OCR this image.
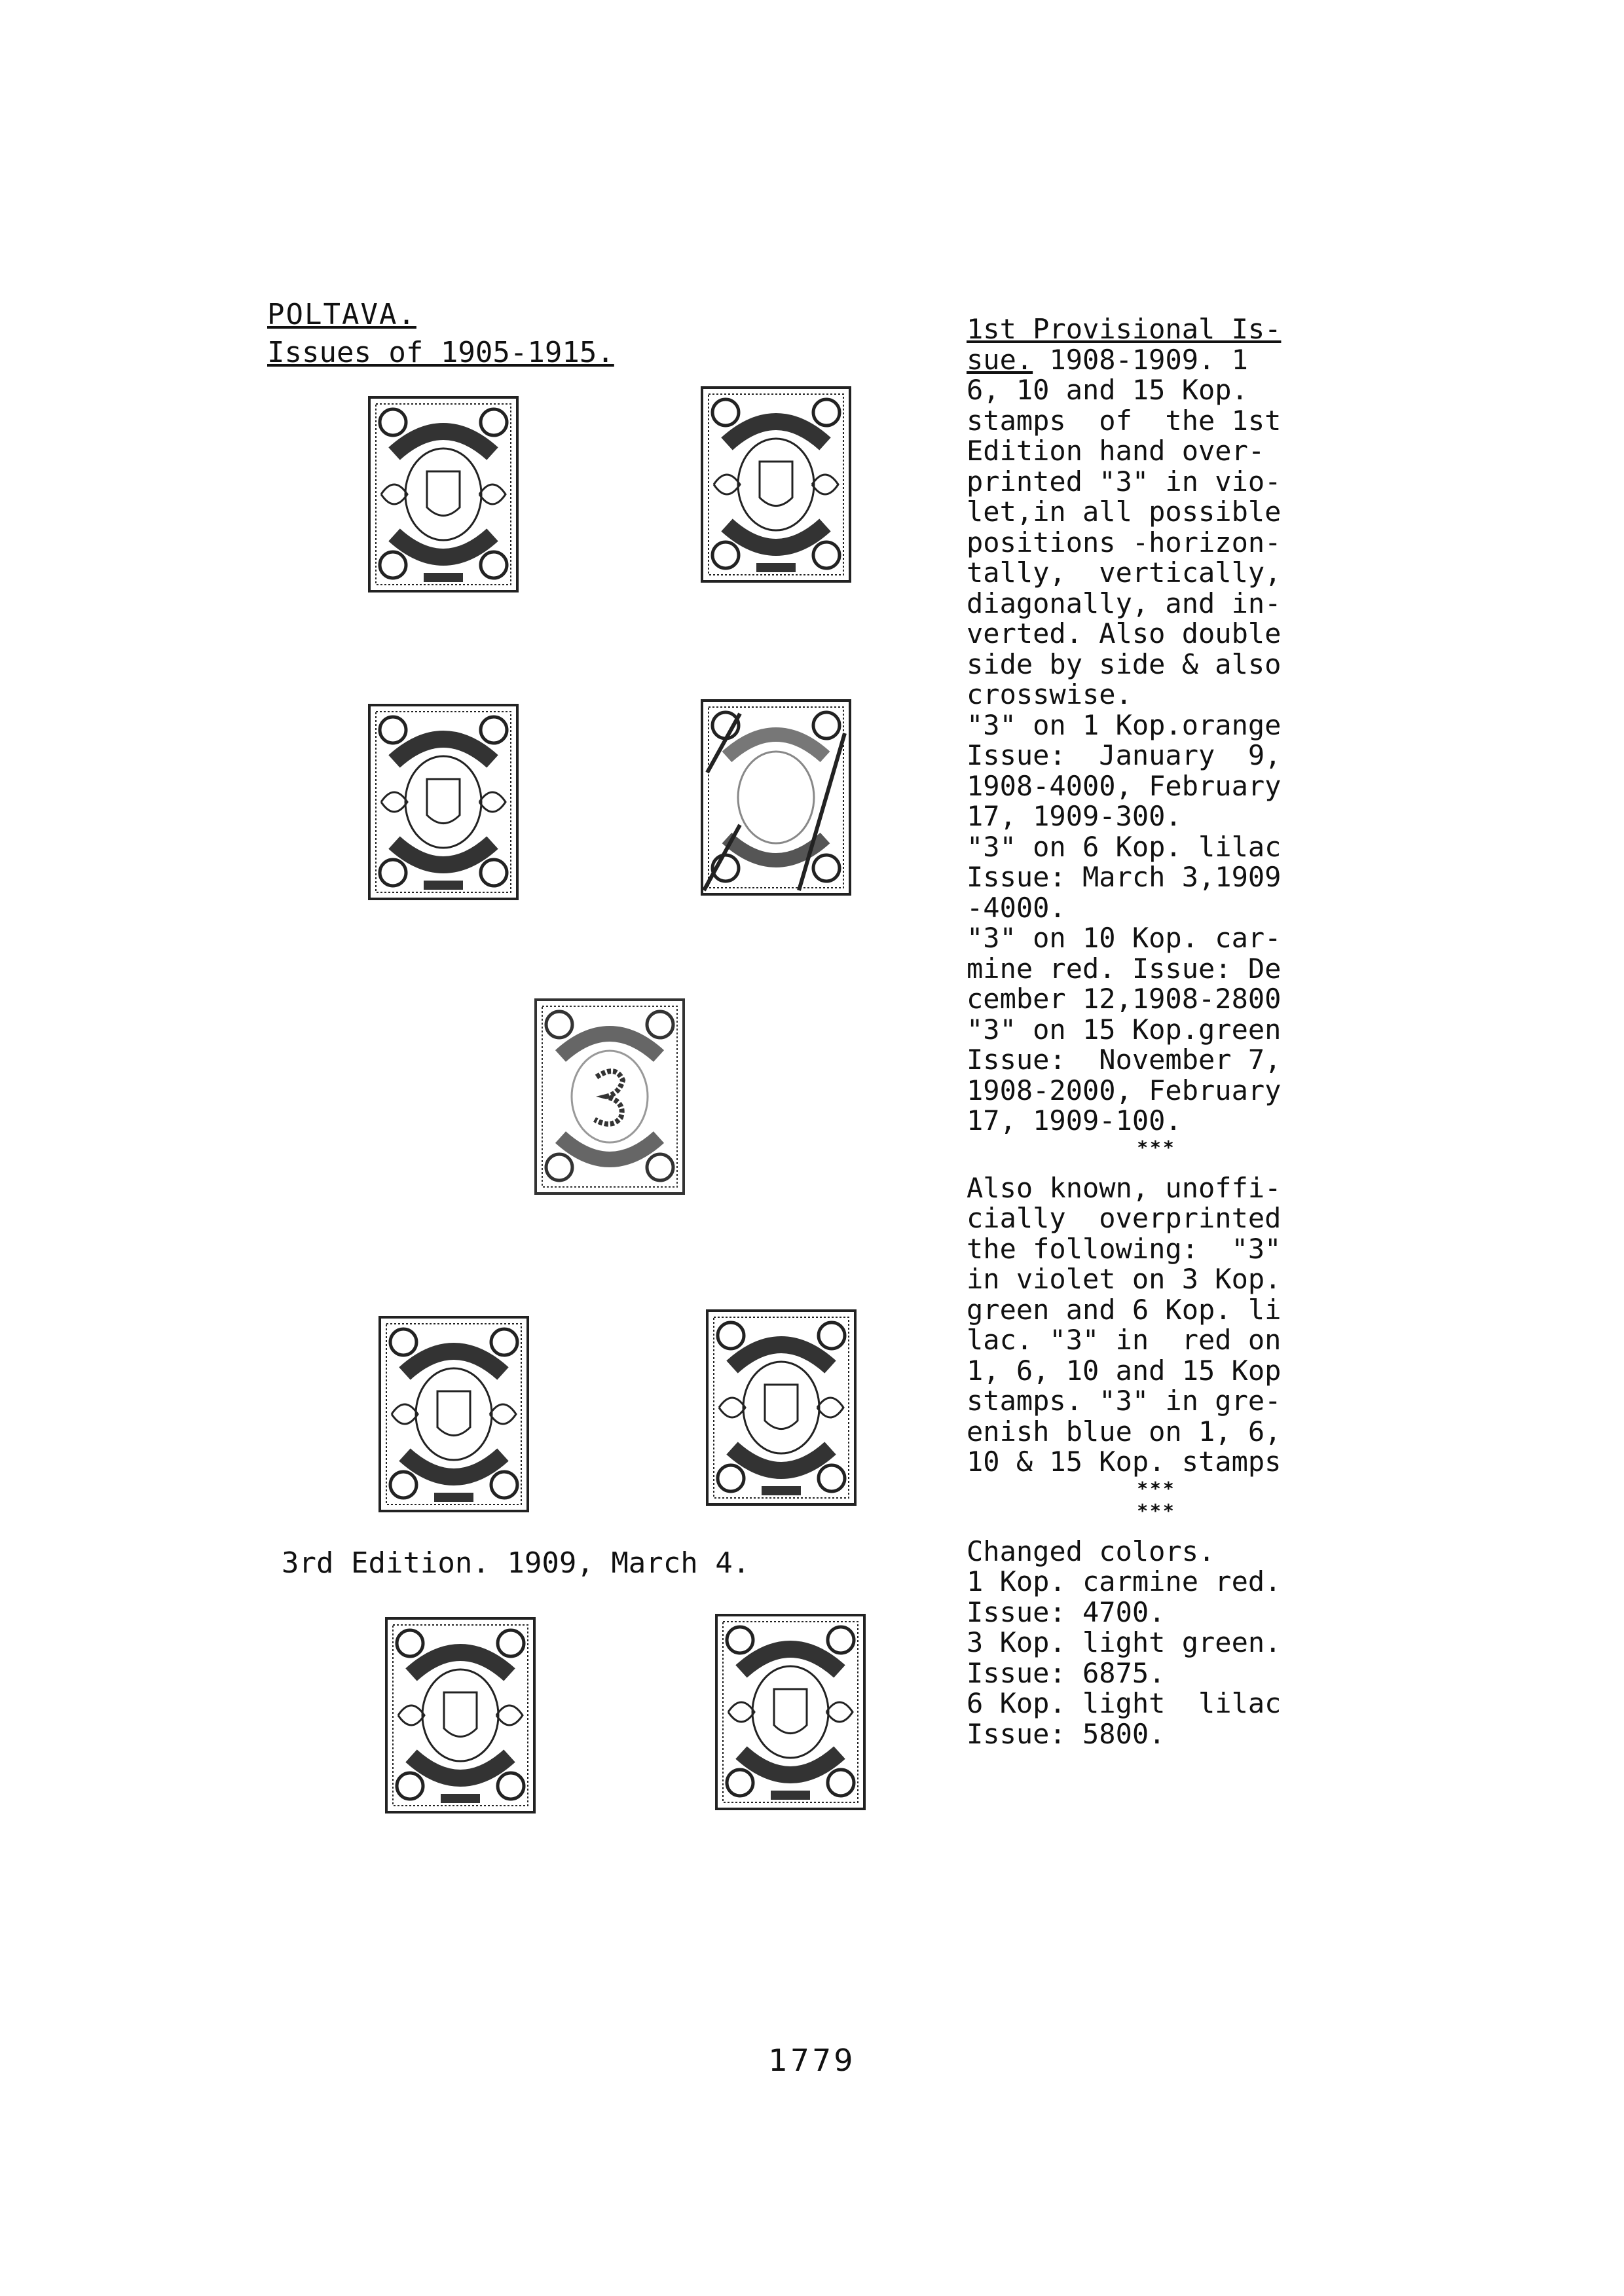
POLTAVA.
Issues of 1905-1915.
3rd Edition. 1909, March 4.
1st Provisional Is-
sue. 1908-1909. 1
6, 10 and 15 Kop.
stamps  of  the 1st
Edition hand over-
printed "3" in vio-
let,in all possible
positions -horizon-
tally,  vertically,
diagonally, and in-
verted. Also double
side by side & also
crosswise.
"3" on 1 Kop.orange
Issue:  January  9,
1908-4000, February
17, 1909-300.
"3" on 6 Kop. lilac
Issue: March 3,1909
-4000.
"3" on 10 Kop. car-
mine red. Issue: De
cember 12,1908-2800
"3" on 15 Kop.green
Issue:  November 7,
1908-2000, February
17, 1909-100.
***
Also known, unoffi-
cially  overprinted
the following:  "3"
in violet on 3 Kop.
green and 6 Kop. li
lac. "3" in  red on
1, 6, 10 and 15 Kop
stamps. "3" in gre-
enish blue on 1, 6,
10 & 15 Kop. stamps
***
***
Changed colors.
1 Kop. carmine red.
Issue: 4700.
3 Kop. light green.
Issue: 6875.
6 Kop. light  lilac
Issue: 5800.
1779
